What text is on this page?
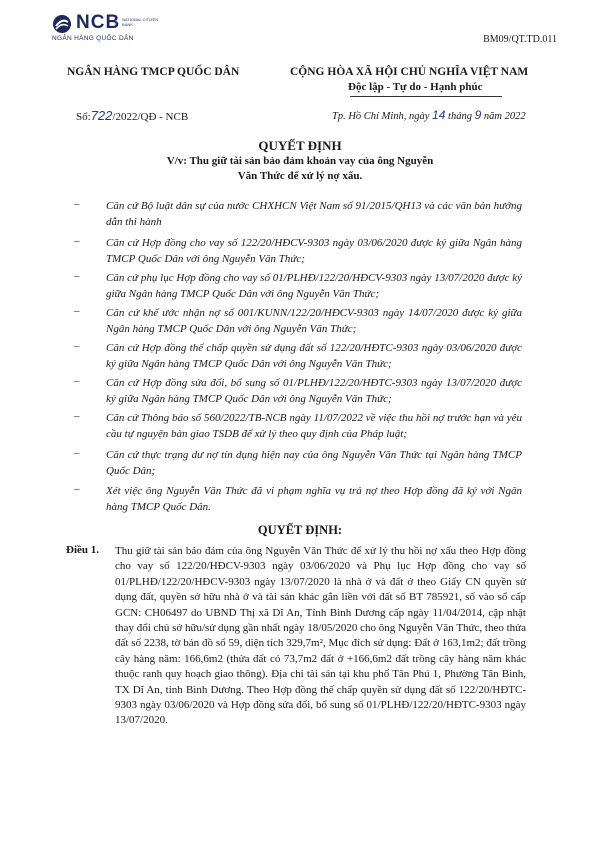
NCB NATIONAL CITIZEN BANK
NGÂN HÀNG QUỐC DÂN	BM09/QT.TD.011
NGÂN HÀNG TMCP QUỐC DÂN	CỘNG HÒA XÃ HỘI CHỦ NGHĨA VIỆT NAM
Độc lập - Tự do - Hạnh phúc
Số:722/2022/QĐ - NCB	Tp. Hồ Chí Minh, ngày 14 tháng 9 năm 2022
QUYẾT ĐỊNH
V/v: Thu giữ tài sản bảo đảm khoản vay của ông Nguyễn
Văn Thức để xử lý nợ xấu.
– Căn cứ Bộ luật dân sự của nước CHXHCN Việt Nam số 91/2015/QH13 và các văn bản hướng dẫn thi hành
– Căn cứ Hợp đồng cho vay số 122/20/HĐCV-9303 ngày 03/06/2020 được ký giữa Ngân hàng TMCP Quốc Dân với ông Nguyễn Văn Thức;
– Căn cứ phụ lục Hợp đồng cho vay số 01/PLHĐ/122/20/HĐCV-9303 ngày 13/07/2020 được ký giữa Ngân hàng TMCP Quốc Dân với ông Nguyễn Văn Thức;
– Căn cứ khế ước nhận nợ số 001/KUNN/122/20/HĐCV-9303 ngày 14/07/2020 được ký giữa Ngân hàng TMCP Quốc Dân với ông Nguyễn Văn Thức;
– Căn cứ Hợp đồng thế chấp quyền sử dụng đất số 122/20/HĐTC-9303 ngày 03/06/2020 được ký giữa Ngân hàng TMCP Quốc Dân với ông Nguyễn Văn Thức;
– Căn cứ Hợp đồng sửa đổi, bổ sung số 01/PLHĐ/122/20/HĐTC-9303 ngày 13/07/2020 được ký giữa Ngân hàng TMCP Quốc Dân với ông Nguyễn Văn Thức;
– Căn cứ Thông báo số 560/2022/TB-NCB ngày 11/07/2022 về việc thu hồi nợ trước hạn và yêu cầu tự nguyện bàn giao TSDB để xử lý theo quy định của Pháp luật;
– Căn cứ thực trạng dư nợ tín dụng hiện nay của ông Nguyễn Văn Thức tại Ngân hàng TMCP Quốc Dân;
– Xét việc ông Nguyễn Văn Thức đã vi phạm nghĩa vụ trả nợ theo Hợp đồng đã ký với Ngân hàng TMCP Quốc Dân.
QUYẾT ĐỊNH:
Điều 1. Thu giữ tài sản bảo đảm của ông Nguyễn Văn Thức để xử lý thu hồi nợ xấu theo Hợp đồng cho vay số 122/20/HĐCV-9303 ngày 03/06/2020 và Phụ lục Hợp đồng cho vay số 01/PLHĐ/122/20/HĐCV-9303 ngày 13/07/2020 là nhà ở và đất ở theo Giấy CN quyền sử dụng đất, quyền sở hữu nhà ở và tài sản khác gắn liền với đất số BT 785921, số vào sổ cấp GCN: CH06497 do UBND Thị xã Dĩ An, Tỉnh Bình Dương cấp ngày 11/04/2014, cập nhật thay đổi chủ sở hữu/sử dụng gần nhất ngày 18/05/2020 cho ông Nguyễn Văn Thức, theo thửa đất số 2238, tờ bản đồ số 59, diện tích 329,7m², Mục đích sử dụng: Đất ở 163,1m2; đất trồng cây hàng năm: 166,6m2 (thửa đất có 73,7m2 đất ở +166,6m2 đất trồng cây hàng năm khác thuộc ranh quy hoạch giao thông). Địa chỉ tài sản tại khu phố Tân Phú 1, Phường Tân Bình, TX Dĩ An, tỉnh Bình Dương. Theo Hợp đồng thế chấp quyền sử dụng đất số 122/20/HĐTC-9303 ngày 03/06/2020 và Hợp đồng sửa đổi, bổ sung số 01/PLHĐ/122/20/HĐTC-9303 ngày 13/07/2020.
